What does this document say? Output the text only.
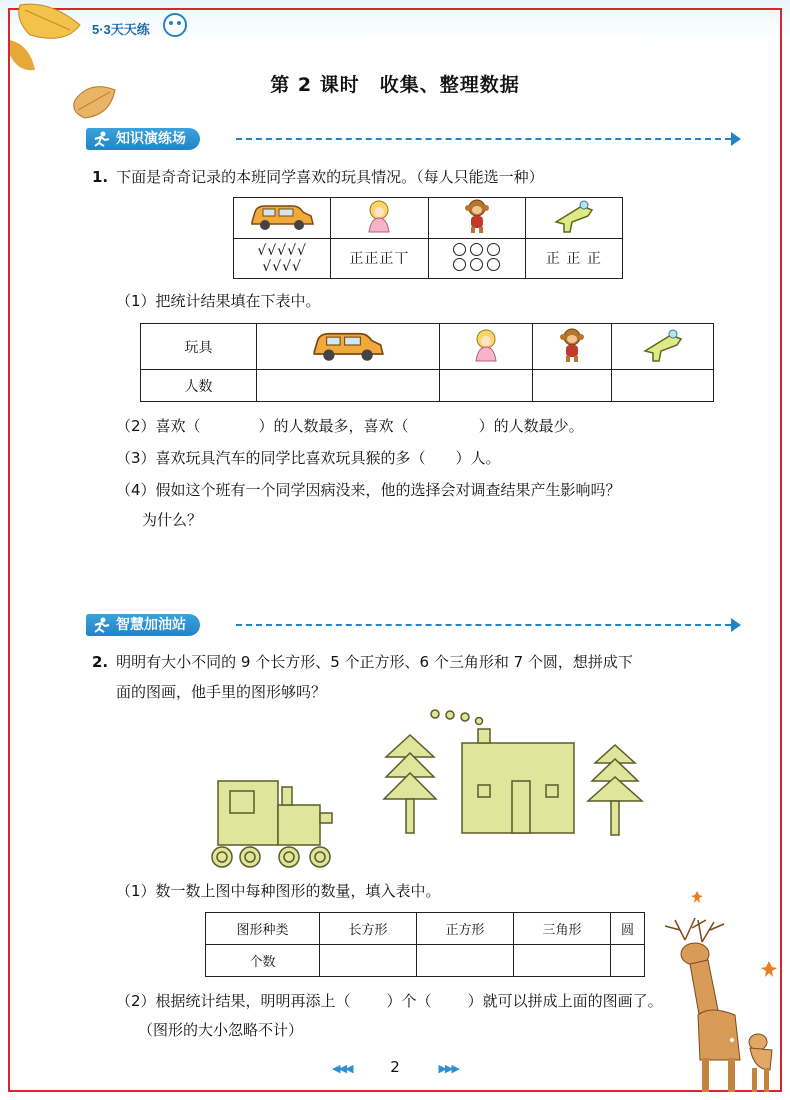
5·3天天练
第 2 课时　收集、整理数据
知识演练场
1. 下面是奇奇记录的本班同学喜欢的玩具情况。（每人只能选一种）

√√√√√
√√√√	正正正丅		正 正 正
（1）把统计结果填在下表中。
玩具				
人数				
（2）喜欢（	）的人数最多，喜欢（	）的人数最少。
（3）喜欢玩具汽车的同学比喜欢玩具猴的多（ ）人。
（4）假如这个班有一个同学因病没来，他的选择会对调查结果产生影响吗？
为什么？
智慧加油站
2. 明明有大小不同的 9 个长方形、5 个正方形、6 个三角形和 7 个圆，想拼成下
面的图画，他手里的图形够吗？
（1）数一数上图中每种图形的数量，填入表中。
图形种类	长方形	正方形	三角形	圆
个数				
（2）根据统计结果，明明再添上（ ）个（ ）就可以拼成上面的图画了。
（图形的大小忽略不计）
◀◀◀	2	▶▶▶
